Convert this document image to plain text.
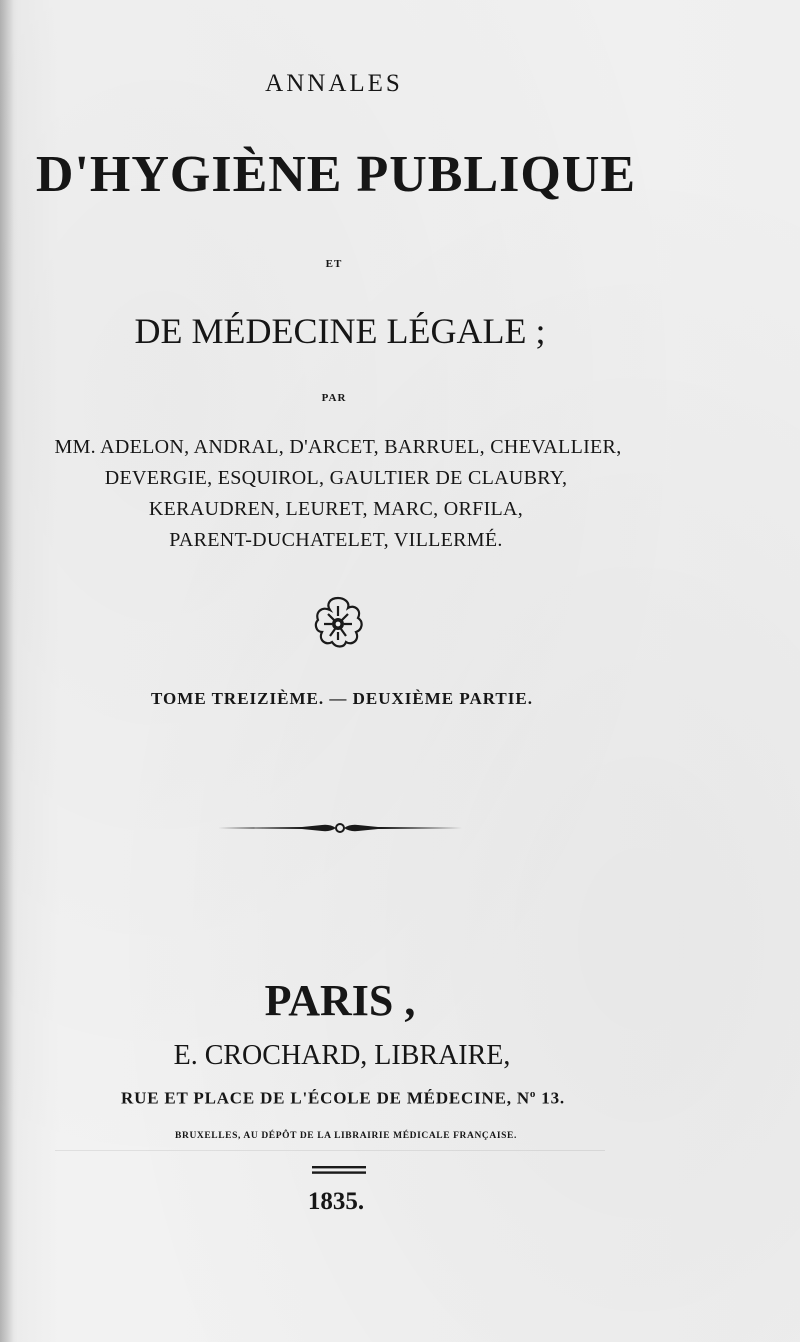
ANNALES

D'HYGIÈNE PUBLIQUE

ET

DE MÉDECINE LÉGALE ;

PAR

MM. ADELON, ANDRAL, D'ARCET, BARRUEL, CHEVALLIER,

DEVERGIE, ESQUIROL, GAULTIER DE CLAUBRY,

KERAUDREN, LEURET, MARC, ORFILA,

PARENT-DUCHATELET, VILLERMÉ.

TOME TREIZIÈME. — DEUXIÈME PARTIE.

PARIS ,

E. CROCHARD, LIBRAIRE,

RUE ET PLACE DE L'ÉCOLE DE MÉDECINE, $N^o$ 13.

BRUXELLES, AU DÉPÔT DE LA LIBRAIRIE MÉDICALE FRANÇAISE.

1835.
